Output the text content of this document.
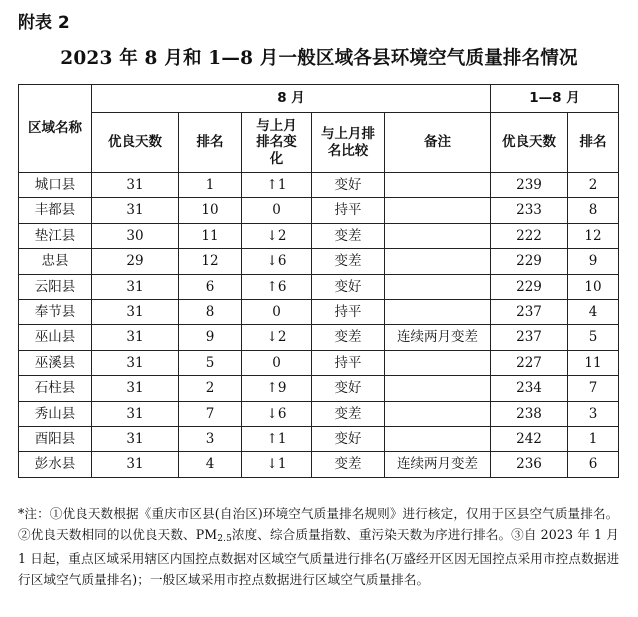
附表 2
2023 年 8 月和 1—8 月一般区域各县环境空气质量排名情况
区域名称	8 月					1—8 月	
	优良天数	排名	与上月排名变化	与上月排名比较	备注	优良天数	排名
城口县	31	1	↑1	变好		239	2
丰都县	31	10	0	持平		233	8
垫江县	30	11	↓2	变差		222	12
忠县	29	12	↓6	变差		229	9
云阳县	31	6	↑6	变好		229	10
奉节县	31	8	0	持平		237	4
巫山县	31	9	↓2	变差	连续两月变差	237	5
巫溪县	31	5	0	持平		227	11
石柱县	31	2	↑9	变好		234	7
秀山县	31	7	↓6	变差		238	3
酉阳县	31	3	↑1	变好		242	1
彭水县	31	4	↓1	变差	连续两月变差	236	6
*注：①优良天数根据《重庆市区县(自治区)环境空气质量排名规则》进行核定，仅用于区县空气质量排名。②优良天数相同的以优良天数、PM2.5浓度、综合质量指数、重污染天数为序进行排名。③自 2023 年 1 月 1 日起，重点区域采用辖区内国控点数据对区域空气质量进行排名(万盛经开区因无国控点采用市控点数据进行区域空气质量排名)；一般区域采用市控点数据进行区域空气质量排名。
